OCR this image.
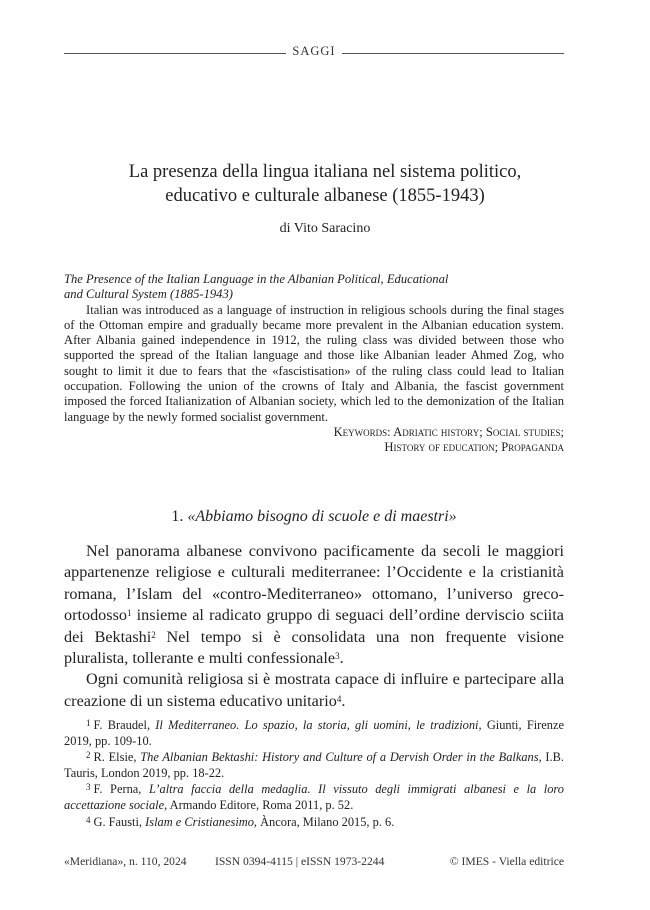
SAGGI
La presenza della lingua italiana nel sistema politico,
educativo e culturale albanese (1855-1943)
di Vito Saracino
The Presence of the Italian Language in the Albanian Political, Educational
and Cultural System (1885-1943)

Italian was introduced as a language of instruction in religious schools during the final stages of the Ottoman empire and gradually became more prevalent in the Albanian education system. After Albania gained independence in 1912, the ruling class was divided between those who supported the spread of the Italian language and those like Albanian leader Ahmed Zog, who sought to limit it due to fears that the «fascistisation» of the ruling class could lead to Italian occupation. Following the union of the crowns of Italy and Albania, the fascist government imposed the forced Italianization of Albanian society, which led to the demonization of the Italian language by the newly formed socialist government.

Keywords: Adriatic history; Social studies;
History of education; Propaganda
1. «Abbiamo bisogno di scuole e di maestri»

Nel panorama albanese convivono pacificamente da secoli le maggiori appartenenze religiose e culturali mediterranee: l’Occidente e la cristianità romana, l’Islam del «contro-Mediterraneo» ottomano, l’universo greco-ortodosso$^1$ insieme al radicato gruppo di seguaci dell’ordine derviscio sciita dei Bektashi$^2$ Nel tempo si è consolidata una non frequente visione pluralista, tollerante e multi confessionale$^3$.

Ogni comunità religiosa si è mostrata capace di influire e partecipare alla creazione di un sistema educativo unitario$^4$.

$^1$ F. Braudel, Il Mediterraneo. Lo spazio, la storia, gli uomini, le tradizioni, Giunti, Firenze 2019, pp. 109-10.

$^2$ R. Elsie, The Albanian Bektashi: History and Culture of a Dervish Order in the Balkans, I.B. Tauris, London 2019, pp. 18-22.

$^3$ F. Perna, L’altra faccia della medaglia. Il vissuto degli immigrati albanesi e la loro accettazione sociale, Armando Editore, Roma 2011, p. 52.

$^4$ G. Fausti, Islam e Cristianesimo, Àncora, Milano 2015, p. 6.

«Meridiana», n. 110, 2024 ISSN 0394-4115 | eISSN 1973-2244	© IMES - Viella editrice
